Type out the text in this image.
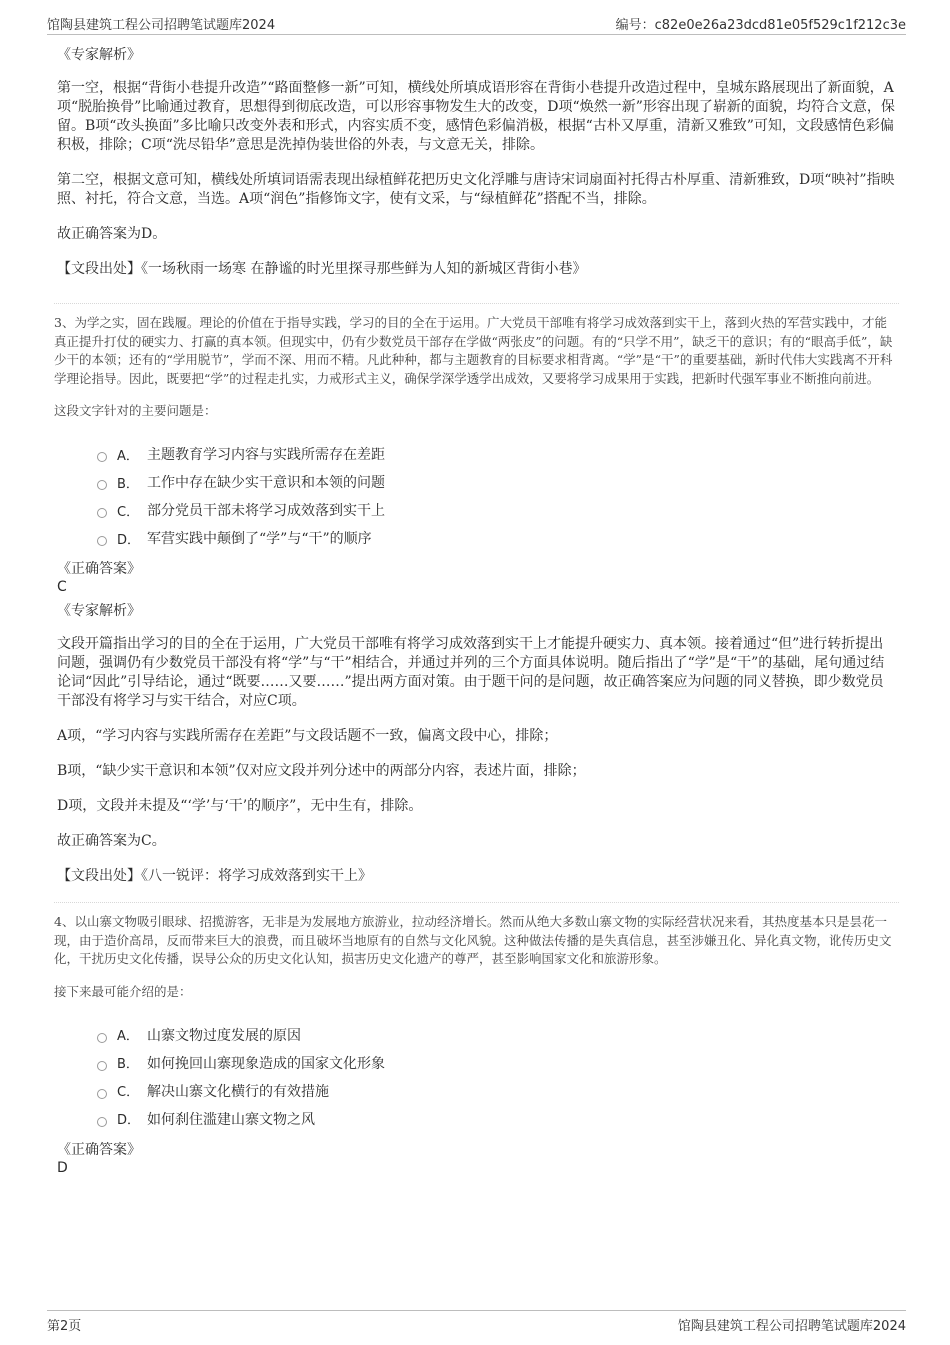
馆陶县建筑工程公司招聘笔试题库2024	编号：c82e0e26a23dcd81e05f529c1f212c3e
《专家解析》

第一空，根据“背街小巷提升改造”“路面整修一新”可知，横线处所填成语形容在背街小巷提升改造过程中，皇城东路展现出了新面貌，A项“脱胎换骨”比喻通过教育，思想得到彻底改造，可以形容事物发生大的改变，D项“焕然一新”形容出现了崭新的面貌，均符合文意，保留。B项“改头换面”多比喻只改变外表和形式，内容实质不变，感情色彩偏消极，根据“古朴又厚重，清新又雅致”可知，文段感情色彩偏积极，排除；C项“洗尽铅华”意思是洗掉伪装世俗的外表，与文意无关，排除。

第二空，根据文意可知，横线处所填词语需表现出绿植鲜花把历史文化浮雕与唐诗宋词扇面衬托得古朴厚重、清新雅致，D项“映衬”指映照、衬托，符合文意，当选。A项“润色”指修饰文字，使有文采，与“绿植鲜花”搭配不当，排除。

故正确答案为D。

【文段出处】《一场秋雨一场寒 在静谧的时光里探寻那些鲜为人知的新城区背街小巷》

3、为学之实，固在践履。理论的价值在于指导实践，学习的目的全在于运用。广大党员干部唯有将学习成效落到实干上，落到火热的军营实践中，才能真正提升打仗的硬实力、打赢的真本领。但现实中，仍有少数党员干部存在学做“两张皮”的问题。有的“只学不用”，缺乏干的意识；有的“眼高手低”，缺少干的本领；还有的“学用脱节”，学而不深、用而不精。凡此种种，都与主题教育的目标要求相背离。“学”是“干”的重要基础，新时代伟大实践离不开科学理论指导。因此，既要把“学”的过程走扎实，力戒形式主义，确保学深学透学出成效，又要将学习成果用于实践，把新时代强军事业不断推向前进。

这段文字针对的主要问题是：

A． 主题教育学习内容与实践所需存在差距
B． 工作中存在缺少实干意识和本领的问题
C． 部分党员干部未将学习成效落到实干上
D． 军营实践中颠倒了“学”与“干”的顺序
《正确答案》
C
《专家解析》

文段开篇指出学习的目的全在于运用，广大党员干部唯有将学习成效落到实干上才能提升硬实力、真本领。接着通过“但”进行转折提出问题，强调仍有少数党员干部没有将“学”与“干”相结合，并通过并列的三个方面具体说明。随后指出了“学”是“干”的基础，尾句通过结论词“因此”引导结论，通过“既要……又要……”提出两方面对策。由于题干问的是问题，故正确答案应为问题的同义替换，即少数党员干部没有将学习与实干结合，对应C项。

A项，“学习内容与实践所需存在差距”与文段话题不一致，偏离文段中心，排除；

B项，“缺少实干意识和本领”仅对应文段并列分述中的两部分内容，表述片面，排除；

D项，文段并未提及“‘学’与‘干’的顺序”，无中生有，排除。

故正确答案为C。

【文段出处】《八一锐评：将学习成效落到实干上》

4、以山寨文物吸引眼球、招揽游客，无非是为发展地方旅游业，拉动经济增长。然而从绝大多数山寨文物的实际经营状况来看，其热度基本只是昙花一现，由于造价高昂，反而带来巨大的浪费，而且破坏当地原有的自然与文化风貌。这种做法传播的是失真信息，甚至涉嫌丑化、异化真文物，讹传历史文化，干扰历史文化传播，误导公众的历史文化认知，损害历史文化遗产的尊严，甚至影响国家文化和旅游形象。

接下来最可能介绍的是：

A． 山寨文物过度发展的原因
B． 如何挽回山寨现象造成的国家文化形象
C． 解决山寨文化横行的有效措施
D． 如何刹住滥建山寨文物之风
《正确答案》
D
第2页	馆陶县建筑工程公司招聘笔试题库2024
